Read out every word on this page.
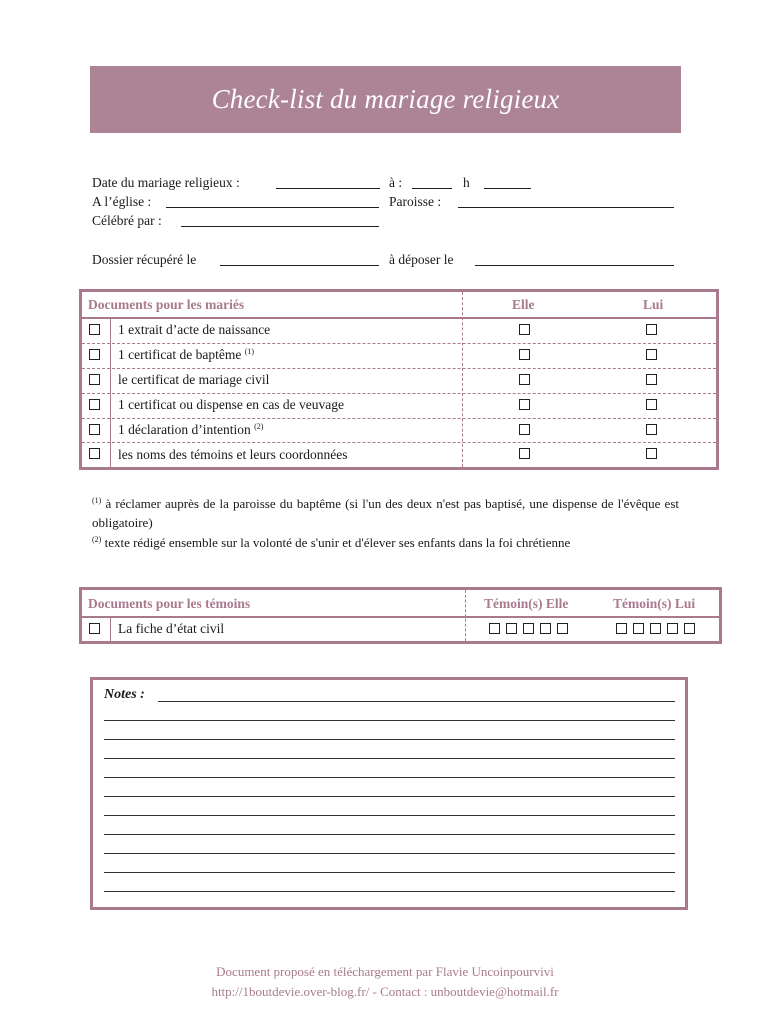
Check-list du mariage religieux
Date du mariage religieux :	à :	h
A l’église :	Paroisse :
Célébré par :
Dossier récupéré le	à déposer le
Documents pour les mariés	Elle	Lui
1 extrait d’acte de naissance
1 certificat de baptême $^{(1)}$
le certificat de mariage civil
1 certificat ou dispense en cas de veuvage
1 déclaration d’intention $^{(2)}$
les noms des témoins et leurs coordonnées
$^{(1)}$ à réclamer auprès de la paroisse du baptême (si l'un des deux n'est pas baptisé, une dispense de l'évêque est obligatoire)
$^{(2)}$ texte rédigé ensemble sur la volonté de s'unir et d'élever ses enfants dans la foi chrétienne
Documents pour les témoins	Témoin(s) Elle	Témoin(s) Lui
La fiche d’état civil
Notes :
Document proposé en téléchargement par Flavie Uncoinpourvivi
http://1boutdevie.over-blog.fr/ - Contact : unboutdevie@hotmail.fr
